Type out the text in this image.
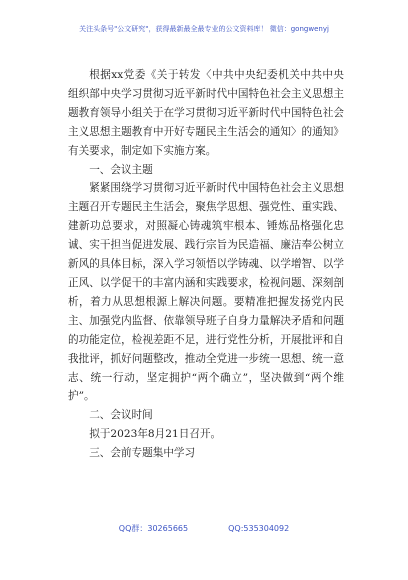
关注头条号"公文研究"，获得最新最全最专业的公文资料库！ 微信：gongwenyj

根据xx党委《关于转发〈中共中央纪委机关中共中央组织部中央学习贯彻习近平新时代中国特色社会主义思想主题教育领导小组关于在学习贯彻习近平新时代中国特色社会主义思想主题教育中开好专题民主生活会的通知〉的通知》有关要求，制定如下实施方案。

一、会议主题

紧紧围绕学习贯彻习近平新时代中国特色社会主义思想主题召开专题民主生活会，聚焦学思想、强党性、重实践、建新功总要求，对照凝心铸魂筑牢根本、锤炼品格强化忠诚、实干担当促进发展、践行宗旨为民造福、廉洁奉公树立新风的具体目标，深入学习领悟以学铸魂、以学增智、以学正风、以学促干的丰富内涵和实践要求，检视问题、深刻剖析，着力从思想根源上解决问题。要精准把握发扬党内民主、加强党内监督、依靠领导班子自身力量解决矛盾和问题的功能定位，检视差距不足，进行党性分析，开展批评和自我批评，抓好问题整改，推动全党进一步统一思想、统一意志、统一行动，坚定拥护“两个确立”，坚决做到“两个维护”。

二、会议时间

拟于2023年8月21日召开。

三、会前专题集中学习

QQ群：30265665	QQ:535304092
